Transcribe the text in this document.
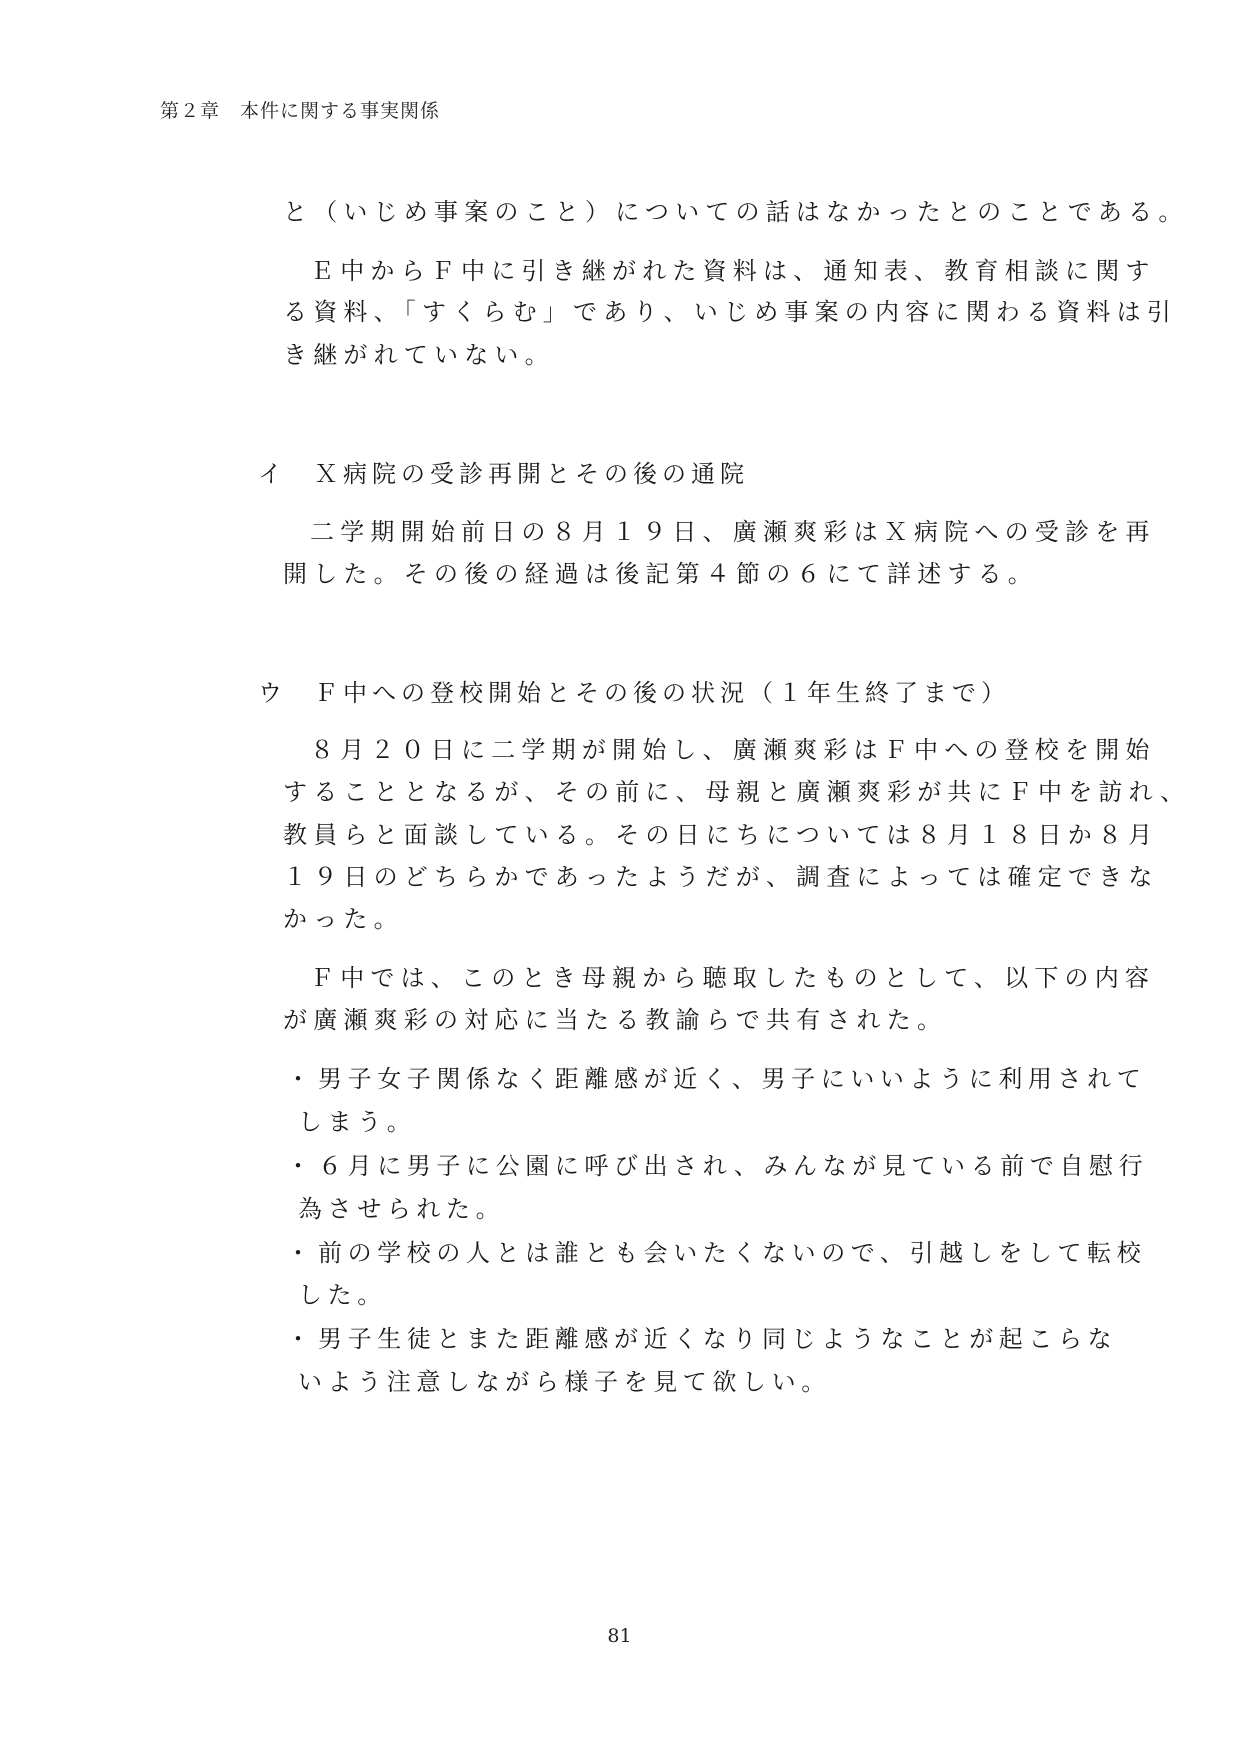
第２章　本件に関する事実関係
と（いじめ事案のこと）についての話はなかったとのことである。
Ｅ中からＦ中に引き継がれた資料は、通知表、教育相談に関す
る資料、「すくらむ」であり、いじめ事案の内容に関わる資料は引
き継がれていない。
イ Ｘ病院の受診再開とその後の通院
二学期開始前日の８月１９日、廣瀬爽彩はＸ病院への受診を再
開した。その後の経過は後記第４節の６にて詳述する。
ウ Ｆ中への登校開始とその後の状況（１年生終了まで）
８月２０日に二学期が開始し、廣瀬爽彩はＦ中への登校を開始
することとなるが、その前に、母親と廣瀬爽彩が共にＦ中を訪れ、
教員らと面談している。その日にちについては８月１８日か８月
１９日のどちらかであったようだが、調査によっては確定できな
かった。
Ｆ中では、このとき母親から聴取したものとして、以下の内容
が廣瀬爽彩の対応に当たる教諭らで共有された。
・男子女子関係なく距離感が近く、男子にいいように利用されて
しまう。
・６月に男子に公園に呼び出され、みんなが見ている前で自慰行
為させられた。
・前の学校の人とは誰とも会いたくないので、引越しをして転校
した。
・男子生徒とまた距離感が近くなり同じようなことが起こらな
いよう注意しながら様子を見て欲しい。
81
